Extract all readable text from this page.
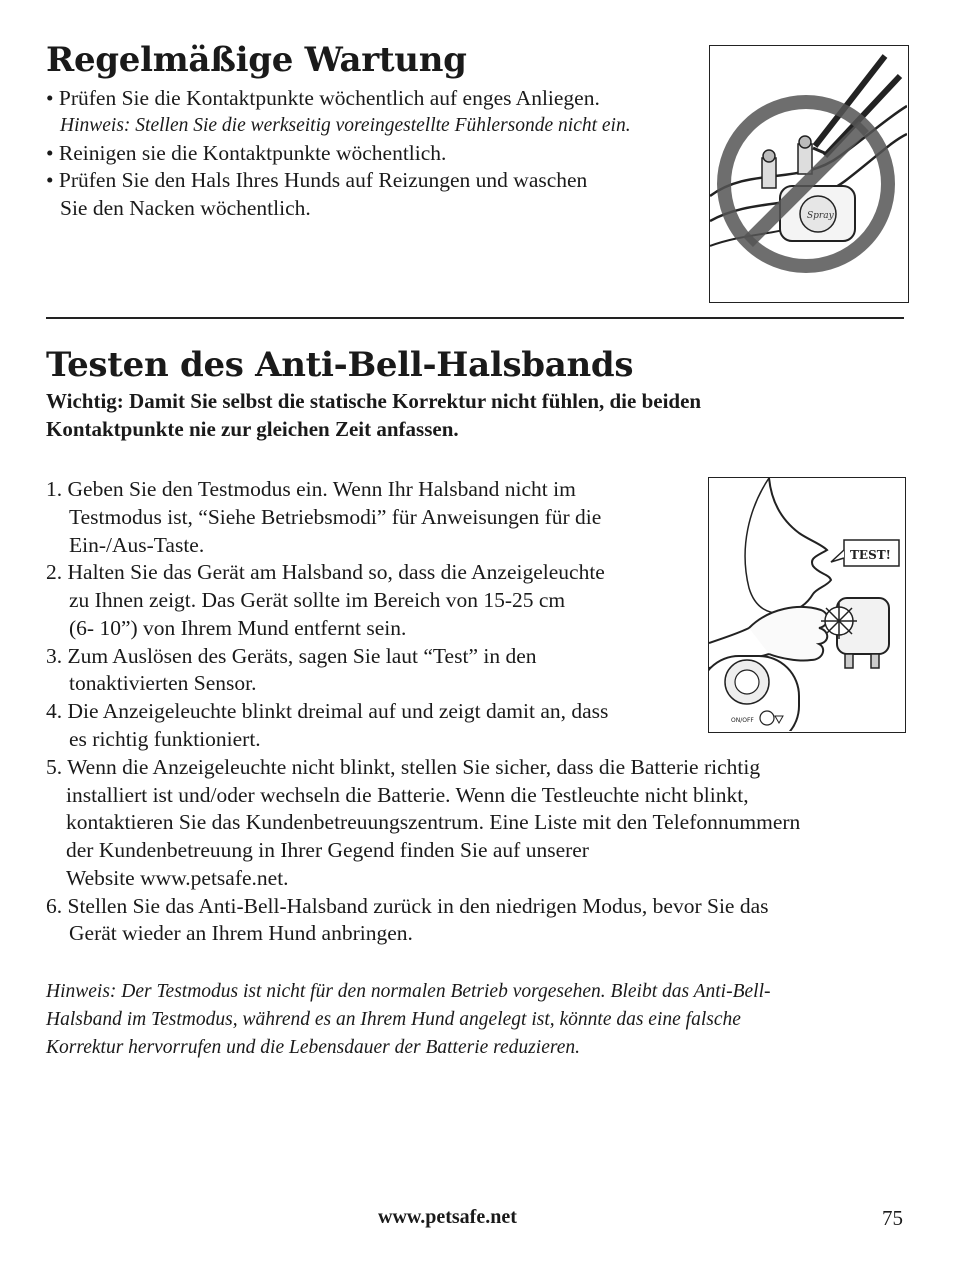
Regelmäßige Wartung
• Prüfen Sie die Kontaktpunkte wöchentlich auf enges Anliegen.
Hinweis: Stellen Sie die werkseitig voreingestellte Fühlersonde nicht ein.
• Reinigen sie die Kontaktpunkte wöchentlich.
• Prüfen Sie den Hals Ihres Hunds auf Reizungen und waschen
Sie den Nacken wöchentlich.	Spray
Testen des Anti-Bell-Halsbands
Wichtig: Damit Sie selbst die statische Korrektur nicht fühlen, die beiden
Kontaktpunkte nie zur gleichen Zeit anfassen.
1. Geben Sie den Testmodus ein. Wenn Ihr Halsband nicht im
Testmodus ist, “Siehe Betriebsmodi” für Anweisungen für die
Ein-/Aus-Taste.
2. Halten Sie das Gerät am Halsband so, dass die Anzeigeleuchte
zu Ihnen zeigt. Das Gerät sollte im Bereich von 15-25 cm
(6- 10”) von Ihrem Mund entfernt sein.
3. Zum Auslösen des Geräts, sagen Sie laut “Test” in den
tonaktivierten Sensor.
4. Die Anzeigeleuchte blinkt dreimal auf und zeigt damit an, dass
es richtig funktioniert.
5. Wenn die Anzeigeleuchte nicht blinkt, stellen Sie sicher, dass die Batterie richtig
installiert ist und/oder wechseln die Batterie. Wenn die Testleuchte nicht blinkt,
kontaktieren Sie das Kundenbetreuungszentrum. Eine Liste mit den Telefonnummern
der Kundenbetreuung in Ihrer Gegend finden Sie auf unserer
Website www.petsafe.net.
6. Stellen Sie das Anti-Bell-Halsband zurück in den niedrigen Modus, bevor Sie das
Gerät wieder an Ihrem Hund anbringen.
Hinweis: Der Testmodus ist nicht für den normalen Betrieb vorgesehen. Bleibt das Anti-Bell-
Halsband im Testmodus, während es an Ihrem Hund angelegt ist, könnte das eine falsche
Korrektur hervorrufen und die Lebensdauer der Batterie reduzieren.
TEST!
ON/OFF
www.petsafe.net	75
